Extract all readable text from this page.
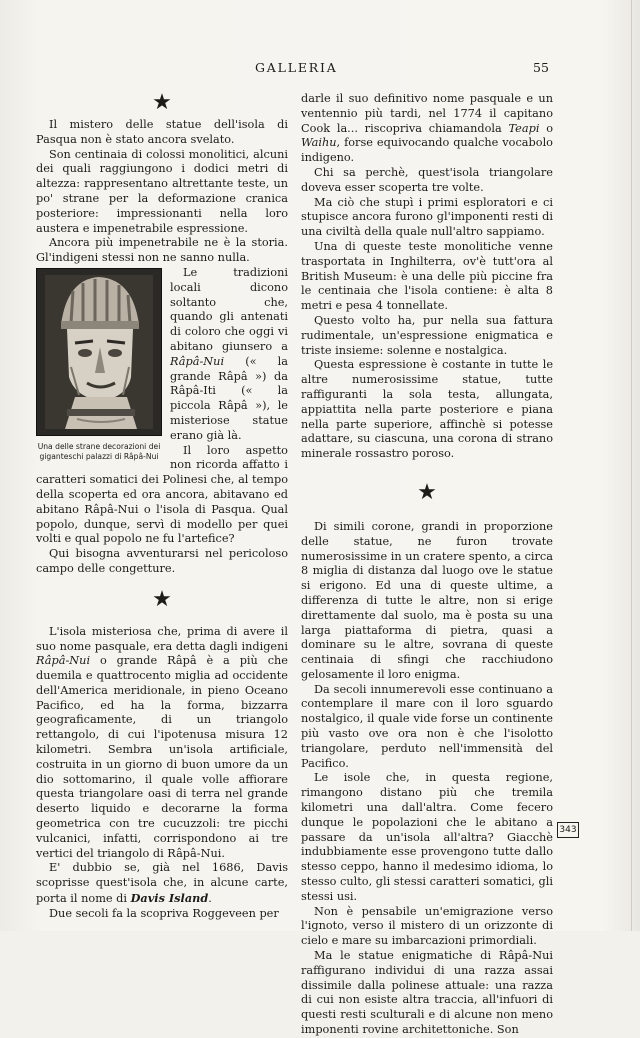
GALLERIA	55
★

Il mistero delle statue dell'isola di Pasqua non è stato ancora svelato.

Son centinaia di colossi monolitici, alcuni dei quali raggiungono i dodici metri di altezza: rappresentano altrettante teste, un po' strane per la deformazione cranica posteriore: impressionanti nella loro austera e impenetrabile espressione.

Ancora più impenetrabile ne è la storia. Gl'indigeni stessi non ne sanno nulla.

Una delle strane decorazioni dei giganteschi palazzi di Râpâ-Nui

Le tradizioni locali dicono soltanto che, quando gli antenati di coloro che oggi vi abitano giunsero a Râpâ-Nui (« la grande Râpâ ») da Râpâ-Iti (« la piccola Râpâ »), le misteriose statue erano già là.

Il loro aspetto non ricorda affatto i caratteri somatici dei Polinesi che, al tempo della scoperta ed ora ancora, abitavano ed abitano Râpâ-Nui o l'isola di Pasqua. Qual popolo, dunque, servì di modello per quei volti e qual popolo ne fu l'artefice?

Qui bisogna avventurarsi nel pericoloso campo delle congetture.

★

L'isola misteriosa che, prima di avere il suo nome pasquale, era detta dagli indigeni Râpâ-Nui o grande Râpâ è a più che duemila e quattrocento miglia ad occidente dell'America meridionale, in pieno Oceano Pacifico, ed ha la forma, bizzarra geograficamente, di un triangolo rettangolo, di cui l'ipotenusa misura 12 kilometri. Sembra un'isola artificiale, costruita in un giorno di buon umore da un dio sottomarino, il quale volle affiorare questa triangolare oasi di terra nel grande deserto liquido e decorarne la forma geometrica con tre cucuzzoli: tre picchi vulcanici, infatti, corrispondono ai tre vertici del triangolo di Râpâ-Nui.

E' dubbio se, già nel 1686, Davis scoprisse quest'isola che, in alcune carte, porta il nome di Davis Island.

Due secoli fa la scopriva Roggeveen per

darle il suo definitivo nome pasquale e un ventennio più tardi, nel 1774 il capitano Cook la... riscopriva chiamandola Teapi o Waihu, forse equivocando qualche vocabolo indigeno.

Chi sa perchè, quest'isola triangolare doveva esser scoperta tre volte.

Ma ciò che stupì i primi esploratori e ci stupisce ancora furono gl'imponenti resti di una civiltà della quale null'altro sappiamo.

Una di queste teste monolitiche venne trasportata in Inghilterra, ov'è tutt'ora al British Museum: è una delle più piccine fra le centinaia che l'isola contiene: è alta 8 metri e pesa 4 tonnellate.

Questo volto ha, pur nella sua fattura rudimentale, un'espressione enigmatica e triste insieme: solenne e nostalgica.

Questa espressione è costante in tutte le altre numerosissime statue, tutte raffiguranti la sola testa, allungata, appiattita nella parte posteriore e piana nella parte superiore, affinchè si potesse adattare, su ciascuna, una corona di strano minerale rossastro poroso.

★

Di simili corone, grandi in proporzione delle statue, ne furon trovate numerosissime in un cratere spento, a circa 8 miglia di distanza dal luogo ove le statue si erigono. Ed una di queste ultime, a differenza di tutte le altre, non si erige direttamente dal suolo, ma è posta su una larga piattaforma di pietra, quasi a dominare su le altre, sovrana di queste centinaia di sfingi che racchiudono gelosamente il loro enigma.

Da secoli innumerevoli esse continuano a contemplare il mare con il loro sguardo nostalgico, il quale vide forse un continente più vasto ove ora non è che l'isolotto triangolare, perduto nell'immensità del Pacifico.

Le isole che, in questa regione, rimangono distano più che tremila kilometri una dall'altra. Come fecero dunque le popolazioni che le abitano a passare da un'isola all'altra? Giacchè indubbiamente esse provengono tutte dallo stesso ceppo, hanno il medesimo idioma, lo stesso culto, gli stessi caratteri somatici, gli stessi usi.

Non è pensabile un'emigrazione verso l'ignoto, verso il mistero di un orizzonte di cielo e mare su imbarcazioni primordiali.

Ma le statue enigmatiche di Râpâ-Nui raffigurano individui di una razza assai dissimile dalla polinese attuale: una razza di cui non esiste altra traccia, all'infuori di questi resti sculturali e di alcune non meno imponenti rovine architettoniche. Son

343
